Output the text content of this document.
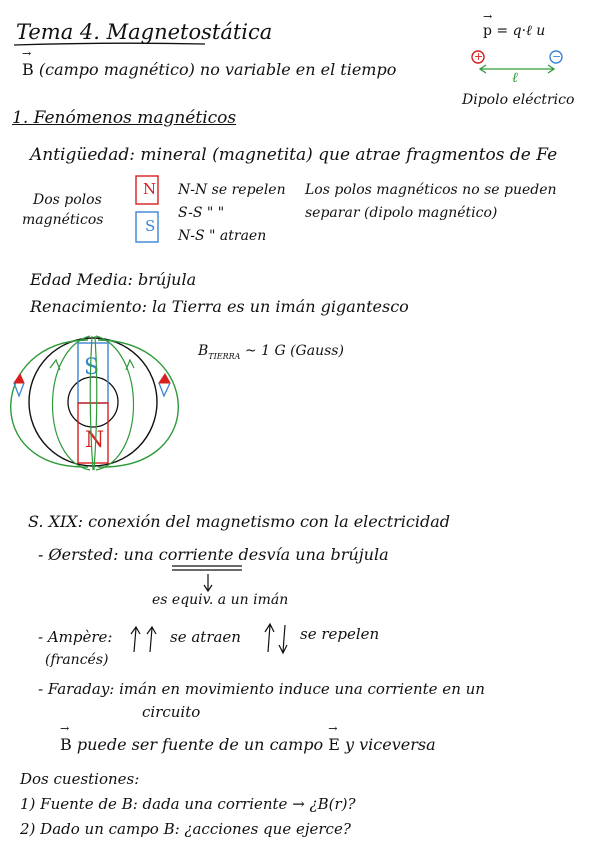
Tema 4. Magnetostática
→ B (campo magnético) no variable en el tiempo
→ p = q·ℓ u
+	−
ℓ
Dipolo eléctrico
1. Fenómenos magnéticos
Antigüedad: mineral (magnetita) que atrae fragmentos de Fe
Dos polos
magnéticos
N
S
N-N se repelen
S-S " "
N-S " atraen
Los polos magnéticos no se pueden
separar (dipolo magnético)
Edad Media: brújula
Renacimiento: la Tierra es un imán gigantesco
S
N
$B_{TIERRA}$ ~ 1 G (Gauss)
S. XIX: conexión del magnetismo con la electricidad
- Øersted: una corriente desvía una brújula
es equiv. a un imán
- Ampère:
(francés)
se atraen	se repelen
- Faraday: imán en movimiento induce una corriente en un
circuito
→ B puede ser fuente de un campo → E y viceversa
Dos cuestiones:
1) Fuente de B: dada una corriente → ¿B(r)?
2) Dado un campo B: ¿acciones que ejerce?
